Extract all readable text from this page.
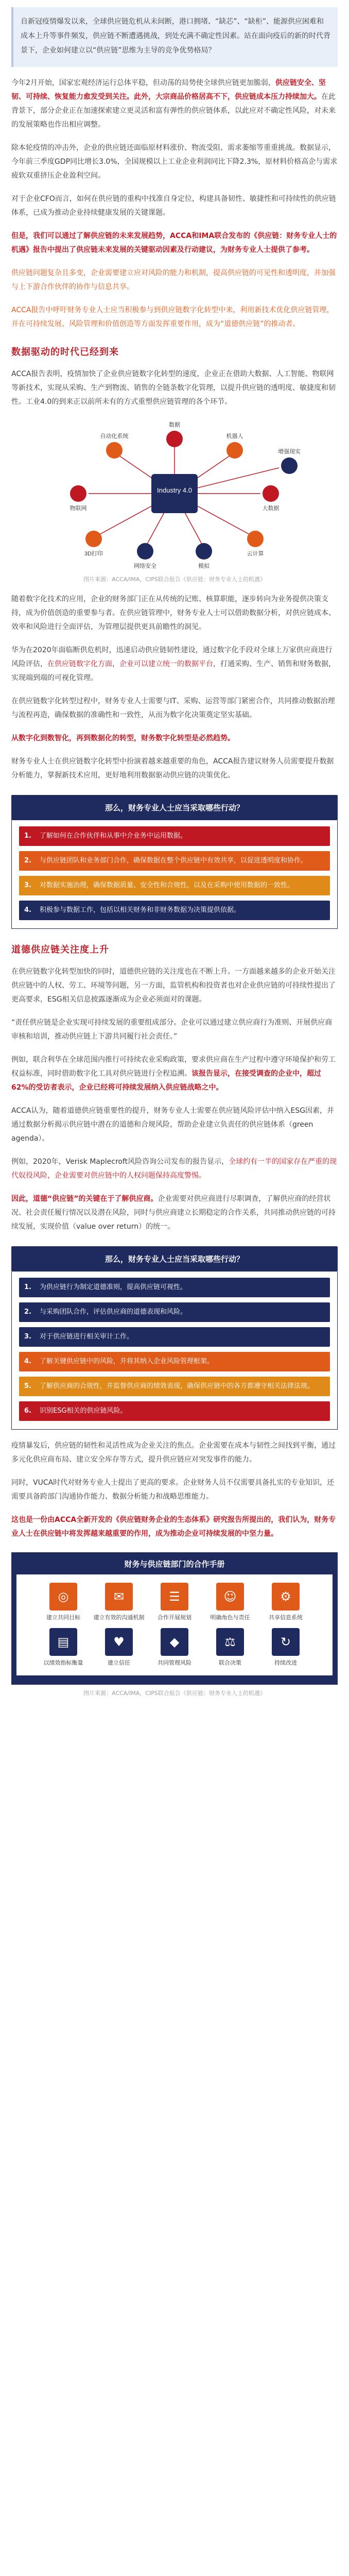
自新冠疫情爆发以来，全球供应链危机从未间断，港口拥堵、“缺芯”、“缺柜”、能源供应困难和成本上升等事件频发，供应链不断遭遇挑战，到处充满不确定性因素。站在面向疫后的新的时代背景下，企业如何建立以“供应链”思维为主导的竞争优势格局？
今年2月开始，国家宏观经济运行总体平稳，但动荡的局势使全球供应链更加脆弱，供应链安全、坚韧、可持续、恢复能力愈发受到关注。此外，大宗商品价格居高不下，供应链成本压力持续加大。在此背景下，部分企业正在加速探索建立更灵活和富有弹性的供应链体系，以此应对不确定性风险，对未来的发展策略也作出相应调整。
除本轮疫情的冲击外，企业的供应链还面临原材料涨价、物流受阻、需求萎缩等重重挑战。数据显示，今年前三季度GDP同比增长3.0%，全国规模以上工业企业利润同比下降2.3%，原材料价格高企与需求疲软双重挤压企业盈利空间。
对于企业CFO而言，如何在供应链的重构中找准自身定位，构建具备韧性、敏捷性和可持续性的供应链体系，已成为推动企业持续健康发展的关键课题。
但是，我们可以通过了解供应链的未来发展趋势，ACCA和IMA联合发布的《供应链：财务专业人士的机遇》报告中提出了供应链未来发展的关键驱动因素及行动建议，为财务专业人士提供了参考。
供应链问题复杂且多变，企业需要建立应对风险的能力和机制，提高供应链的可见性和透明度，并加强与上下游合作伙伴的协作与信息共享。
ACCA报告中呼吁财务专业人士应当积极参与到供应链数字化转型中来，利用新技术优化供应链管理，并在可持续发展、风险管理和价值创造等方面发挥重要作用，成为“道德供应链”的推动者。
数据驱动的时代已经到来
ACCA报告表明，疫情加快了企业供应链数字化转型的速度，企业正在借助大数据、人工智能、物联网等新技术，实现从采购、生产到物流、销售的全链条数字化管理，以提升供应链的透明度、敏捷度和韧性。工业4.0的到来正以前所未有的方式重塑供应链管理的各个环节。
Industry 4.0
数据
自动化系统	机器人
物联网	大数据
3D打印	云计算
网络安全	模拟
增强现实
图片来源：ACCA/IMA，CIPS联合报告《供应链：财务专业人士的机遇》
随着数字化技术的应用，企业的财务部门正在从传统的记账、核算职能，逐步转向为业务提供决策支持，成为价值创造的重要参与者。在供应链管理中，财务专业人士可以借助数据分析，对供应链成本、效率和风险进行全面评估，为管理层提供更具前瞻性的洞见。
华为在2020年面临断供危机时，迅速启动供应链韧性建设，通过数字化手段对全球上万家供应商进行风险评估，在供应链数字化方面，企业可以建立统一的数据平台，打通采购、生产、销售和财务数据，实现端到端的可视化管理。
在供应链数字化转型过程中，财务专业人士需要与IT、采购、运营等部门紧密合作，共同推动数据治理与流程再造，确保数据的准确性和一致性，从而为数字化决策奠定坚实基础。
从数字化到数智化，再到数据化的转型，财务数字化转型是必然趋势。
财务专业人士在供应链数字化转型中扮演着越来越重要的角色，ACCA报告建议财务人员需要提升数据分析能力，掌握新技术应用，更好地利用数据驱动供应链的决策优化。
那么，财务专业人士应当采取哪些行动？
1.	了解如何在合作伙伴和从事中介业务中运用数据。
2.	与供应链团队和业务部门合作，确保数据在整个供应链中有效共享，以促进透明度和协作。
3.	对数据实施治理，确保数据质量、安全性和合规性，以及在采购中使用数据的一致性。
4.	积极参与数据工作，包括以相关财务和非财务数据为决策提供依据。
道德供应链关注度上升
在供应链数字化转型加快的同时，道德供应链的关注度也在不断上升。一方面越来越多的企业开始关注供应链中的人权、劳工、环境等问题，另一方面，监管机构和投资者也对企业供应链的可持续性提出了更高要求，ESG相关信息披露逐渐成为企业必须面对的课题。
“责任供应链是企业实现可持续发展的重要组成部分。企业可以通过建立供应商行为准则、开展供应商审核和培训，推动供应链上下游共同履行社会责任。”
例如，联合利华在全球范围内推行可持续农业采购政策，要求供应商在生产过程中遵守环境保护和劳工权益标准，同时借助数字化工具对供应链进行全程追溯。该报告显示，在接受调查的企业中，超过62%的受访者表示，企业已经将可持续发展纳入供应链战略之中。
ACCA认为，随着道德供应链重要性的提升，财务专业人士需要在供应链风险评估中纳入ESG因素，并通过数据分析揭示供应链中潜在的道德和合规风险，帮助企业建立负责任的供应链体系（green agenda）。
例如，2020年，Verisk Maplecroft风险咨询公司发布的报告显示，全球约有一半的国家存在严重的现代奴役风险，企业需要对供应链中的人权问题保持高度警惕。
因此，道德“供应链”的关键在于了解供应商。企业需要对供应商进行尽职调查，了解供应商的经营状况、社会责任履行情况以及潜在风险，同时与供应商建立长期稳定的合作关系，共同推动供应链的可持续发展，实现价值（value over return）的统一。
那么，财务专业人士应当采取哪些行动？
1.	为供应链行为制定道德准则，提高供应链可视性。
2.	与采购团队合作，评估供应商的道德表现和风险。
3.	对于供应链进行相关审计工作。
4.	了解关键供应链中的风险，并将其纳入企业风险管理框架。
5.	了解供应商的合规性，并监督供应商的绩效表现，确保供应链中的各方都遵守相关法律法规。
6.	识别ESG相关的供应链风险。
疫情暴发后，供应链的韧性和灵活性成为企业关注的焦点。企业需要在成本与韧性之间找到平衡，通过多元化供应商布局、建立安全库存等方式，提升供应链应对突发事件的能力。
同时，VUCA时代对财务专业人士提出了更高的要求。企业财务人员不仅需要具备扎实的专业知识，还需要具备跨部门沟通协作能力、数据分析能力和战略思维能力。
这也是一份由ACCA全新开发的《供应链财务企业的生态体系》研究报告所提出的，我们认为，财务专业人士在供应链中将发挥越来越重要的作用，成为推动企业可持续发展的中坚力量。
财务与供应链部门的合作手册
◎
建立共同目标
✉
建立有效的沟通机制
☰
合作开展规划
☺
明确角色与责任
⚙
共享信息系统
▤
以绩效指标衡量
♥
建立信任
◆
共同管理风险
⚖
联合决策
↻
持续改进
图片来源：ACCA/IMA，CIPS联合报告《供应链：财务专业人士的机遇》
